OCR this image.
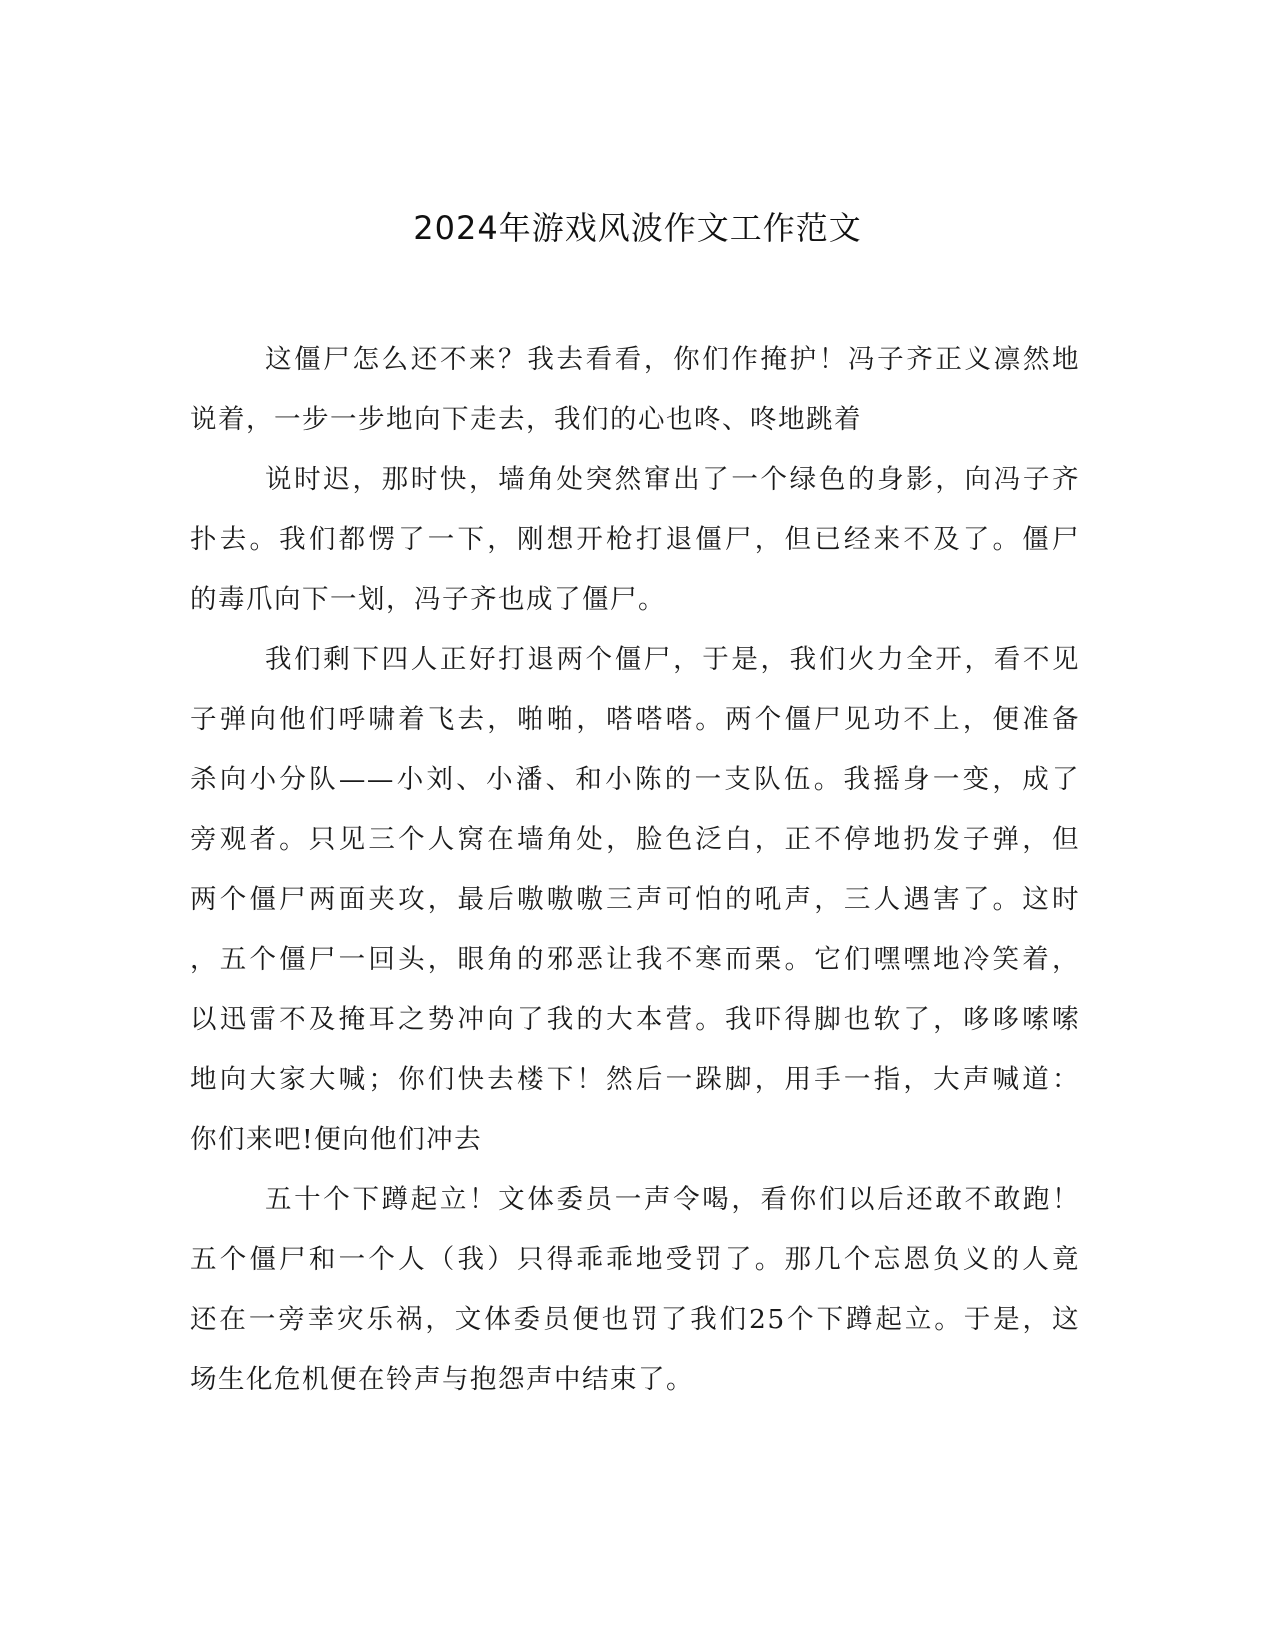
2024年游戏风波作文工作范文
这僵尸怎么还不来？我去看看，你们作掩护！冯子齐正义凛然地
说着，一步一步地向下走去，我们的心也咚、咚地跳着
说时迟，那时快，墙角处突然窜出了一个绿色的身影，向冯子齐
扑去。我们都愣了一下，刚想开枪打退僵尸，但已经来不及了。僵尸
的毒爪向下一划，冯子齐也成了僵尸。
我们剩下四人正好打退两个僵尸，于是，我们火力全开，看不见
子弹向他们呼啸着飞去，啪啪，嗒嗒嗒。两个僵尸见功不上，便准备
杀向小分队——小刘、小潘、和小陈的一支队伍。我摇身一变，成了
旁观者。只见三个人窝在墙角处，脸色泛白，正不停地扔发子弹，但
两个僵尸两面夹攻，最后嗷嗷嗷三声可怕的吼声，三人遇害了。这时
，五个僵尸一回头，眼角的邪恶让我不寒而栗。它们嘿嘿地冷笑着，
以迅雷不及掩耳之势冲向了我的大本营。我吓得脚也软了，哆哆嗦嗦
地向大家大喊；你们快去楼下！然后一跺脚，用手一指，大声喊道：
你们来吧!便向他们冲去
五十个下蹲起立！文体委员一声令喝，看你们以后还敢不敢跑！
五个僵尸和一个人（我）只得乖乖地受罚了。那几个忘恩负义的人竟
还在一旁幸灾乐祸，文体委员便也罚了我们25个下蹲起立。于是，这
场生化危机便在铃声与抱怨声中结束了。
